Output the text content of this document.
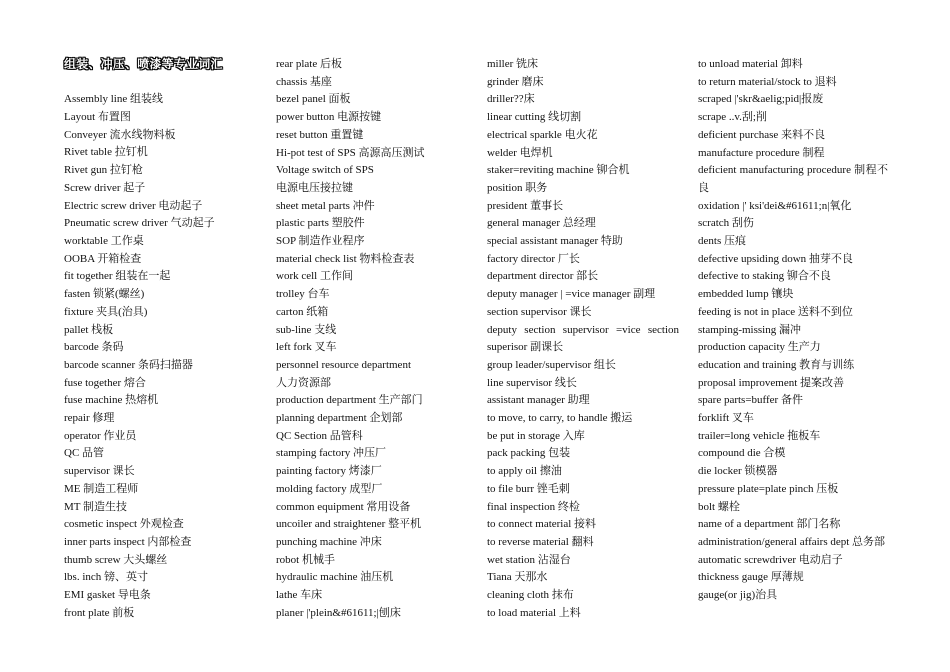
组装、冲压、喷漆等专业词汇
Assembly line 组装线
Layout 布置图
Conveyer 流水线物料板
Rivet table 拉钉机
Rivet gun 拉钉枪
Screw driver 起子
Electric screw driver 电动起子
Pneumatic screw driver 气动起子
worktable 工作桌
OOBA 开箱检查
fit together 组装在一起
fasten 锁紧(螺丝)
fixture 夹具(治具)
pallet 栈板
barcode 条码
barcode scanner 条码扫描器
fuse together 熔合
fuse machine 热熔机
repair 修理
operator 作业员
QC 品管
supervisor 课长
ME 制造工程师
MT 制造生技
cosmetic inspect 外观检查
inner parts inspect 内部检查
thumb screw 大头螺丝
lbs. inch 镑、英寸
EMI gasket 导电条
front plate 前板
rear plate 后板
chassis 基座
bezel panel 面板
power button 电源按键
reset button 重置键
Hi-pot test of SPS 高源高压测试
Voltage switch of SPS
电源电压接拉键
sheet metal parts 冲件
plastic parts 塑胶件
SOP 制造作业程序
material check list 物料检查表
work cell 工作间
trolley 台车
carton 纸箱
sub-line 支线
left fork 叉车
personnel resource department
人力资源部
production department 生产部门
planning department 企划部
QC Section 品管科
stamping factory 冲压厂
painting factory 烤漆厂
molding factory 成型厂
common equipment 常用设备
uncoiler and straightener 整平机
punching machine 冲床
robot 机械手
hydraulic machine 油压机
lathe 车床
planer |'plein&#61611;|刨床
miller 铣床
grinder 磨床
driller??床
linear cutting 线切割
electrical sparkle 电火花
welder 电焊机
staker=reviting machine 铆合机
position 职务
president 董事长
general manager 总经理
special assistant manager 特助
factory director 厂长
department director 部长
deputy manager | =vice manager 副理
section supervisor 课长
deputy section supervisor =vice section superisor 副课长
group leader/supervisor 组长
line supervisor 线长
assistant manager 助理
to move, to carry, to handle 搬运
be put in storage 入库
pack packing 包装
to apply oil 擦油
to file burr 锉毛刺
final inspection 终检
to connect material 接料
to reverse material 翻料
wet station 沾湿台
Tiana 天那水
cleaning cloth 抹布
to load material 上料
to unload material 卸料
to return material/stock to 退料
scraped |'skr&aelig;pid|报废
scrape ..v.刮;削
deficient purchase 来料不良
manufacture procedure 制程
deficient manufacturing procedure 制程不良
oxidation |' ksi'dei&#61611;n|氧化
scratch 刮伤
dents 压痕
defective upsiding down 抽芽不良
defective to staking 铆合不良
embedded lump 镶块
feeding is not in place 送料不到位
stamping-missing 漏冲
production capacity 生产力
education and training 教育与训练
proposal improvement 提案改善
spare parts=buffer 备件
forklift 叉车
trailer=long vehicle 拖板车
compound die 合模
die locker 锁模器
pressure plate=plate pinch 压板
bolt 螺栓
name of a department 部门名称
administration/general affairs dept 总务部
automatic screwdriver 电动启子
thickness gauge 厚薄规
gauge(or jig)治具
